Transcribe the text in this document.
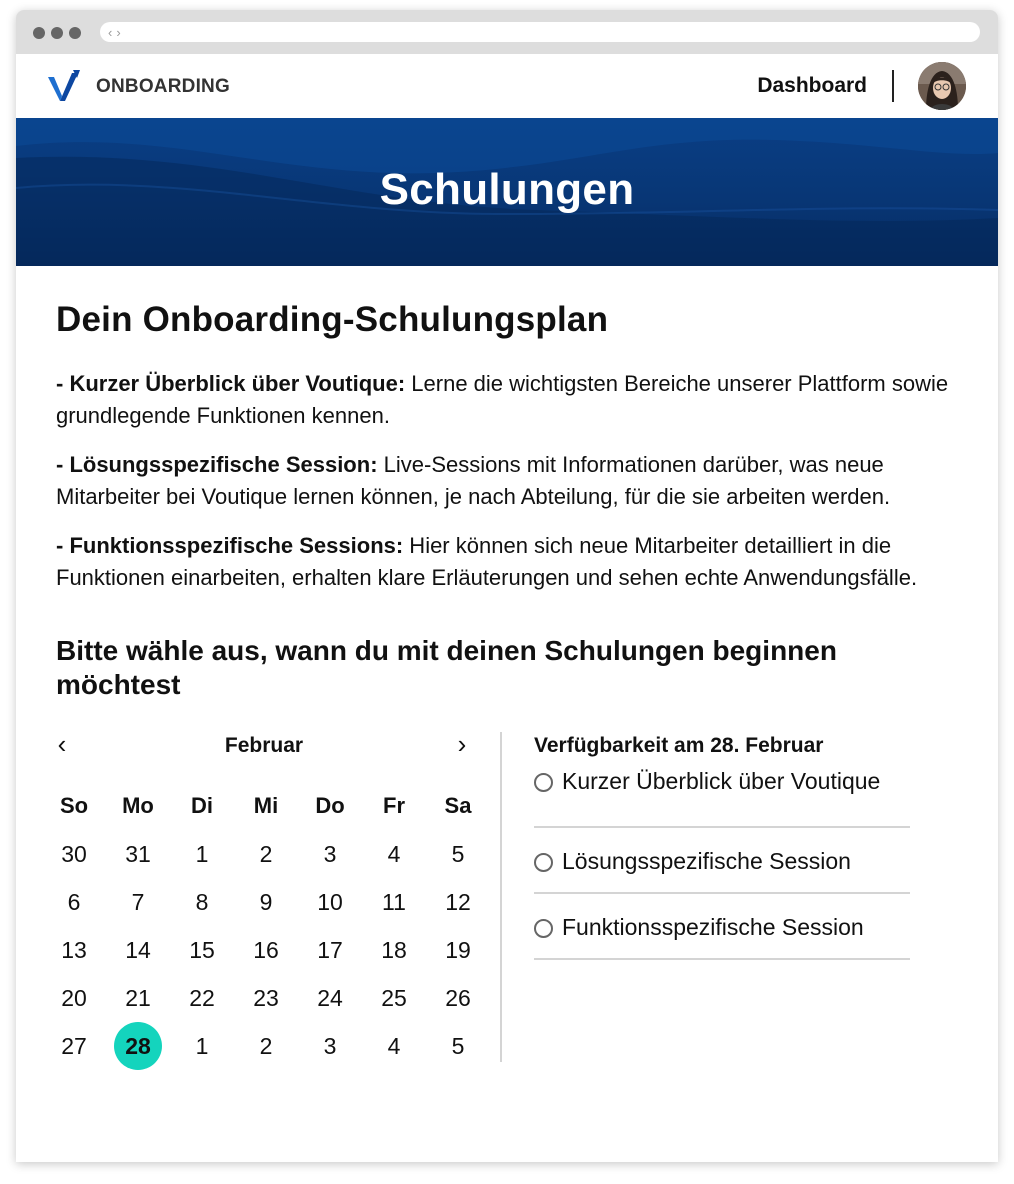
‹ ›
ONBOARDING	Dashboard
Schulungen
Dein Onboarding-Schulungsplan

- Kurzer Überblick über Voutique: Lerne die wichtigsten Bereiche unserer Plattform sowie grundlegende Funktionen kennen.

- Lösungsspezifische Session: Live-Sessions mit Informationen darüber, was neue Mitarbeiter bei Voutique lernen können, je nach Abteilung, für die sie arbeiten werden.

- Funktionsspezifische Sessions: Hier können sich neue Mitarbeiter detailliert in die Funktionen einarbeiten, erhalten klare Erläuterungen und sehen echte Anwendungsfälle.

Bitte wähle aus, wann du mit deinen Schulungen beginnen möchtest
‹	Februar	›
So	Mo	Di	Mi	Do	Fr	Sa
30 31 1 2 3 4 5
6 7 8 9 10 11 12
13 14 15 16 17 18 19
20 21 22 23 24 25 26
27	28	1 2 3 4 5
Verfügbarkeit am 28. Februar
Kurzer Überblick über Voutique
Lösungsspezifische Session
Funktionsspezifische Session
